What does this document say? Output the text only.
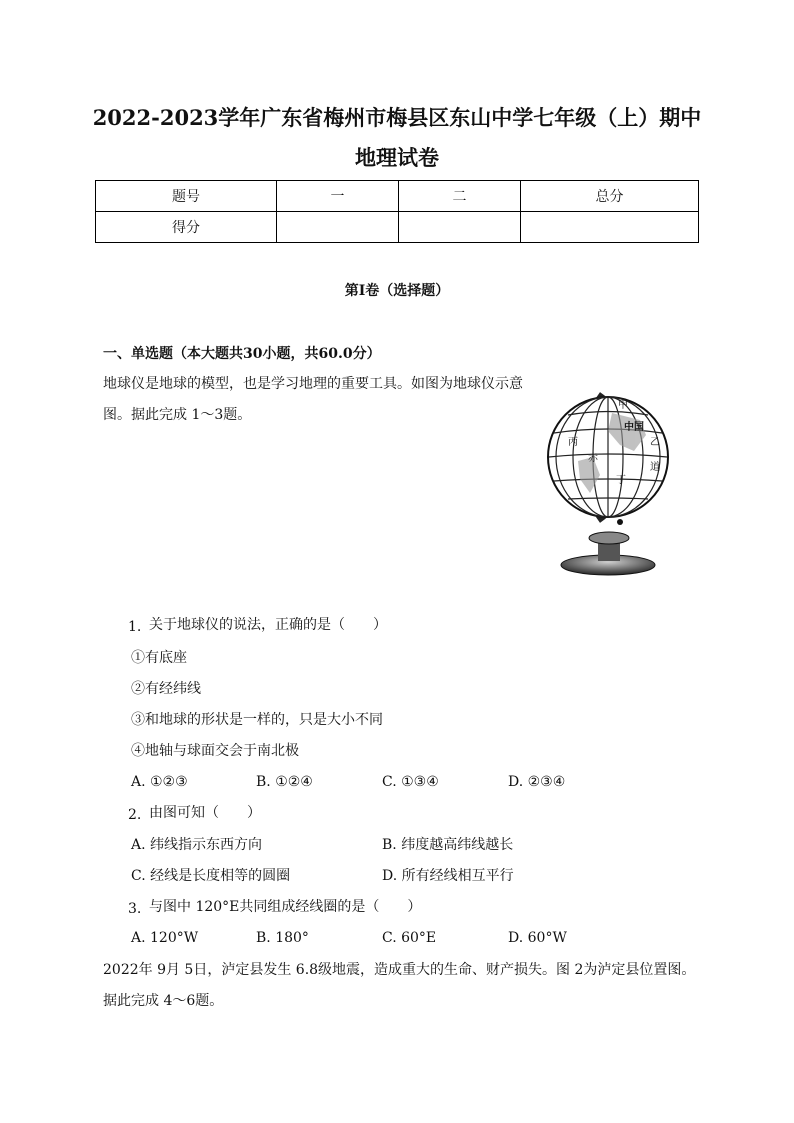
2022-2023学年广东省梅州市梅县区东山中学七年级（上）期中
地理试卷
题号	一	二	总分
得分			
第I卷（选择题）
一、单选题（本大题共30小题，共60.0分）
地球仪是地球的模型，也是学习地理的重要工具。如图为地球仪示意
图。据此完成 1～3题。
甲
中国
乙
丙
丁
赤
道
1. 关于地球仪的说法，正确的是（　　）
①有底座
②有经纬线
③和地球的形状是一样的，只是大小不同
④地轴与球面交会于南北极
A. ①②③	B. ①②④	C. ①③④	D. ②③④
2. 由图可知（　　）
A. 纬线指示东西方向	B. 纬度越高纬线越长
C. 经线是长度相等的圆圈	D. 所有经线相互平行
3. 与图中 120°E共同组成经线圈的是（　　）
A. 120°W	B. 180°	C. 60°E	D. 60°W
2022年 9月 5日，泸定县发生 6.8级地震，造成重大的生命、财产损失。图 2为泸定县位置图。
据此完成 4～6题。
